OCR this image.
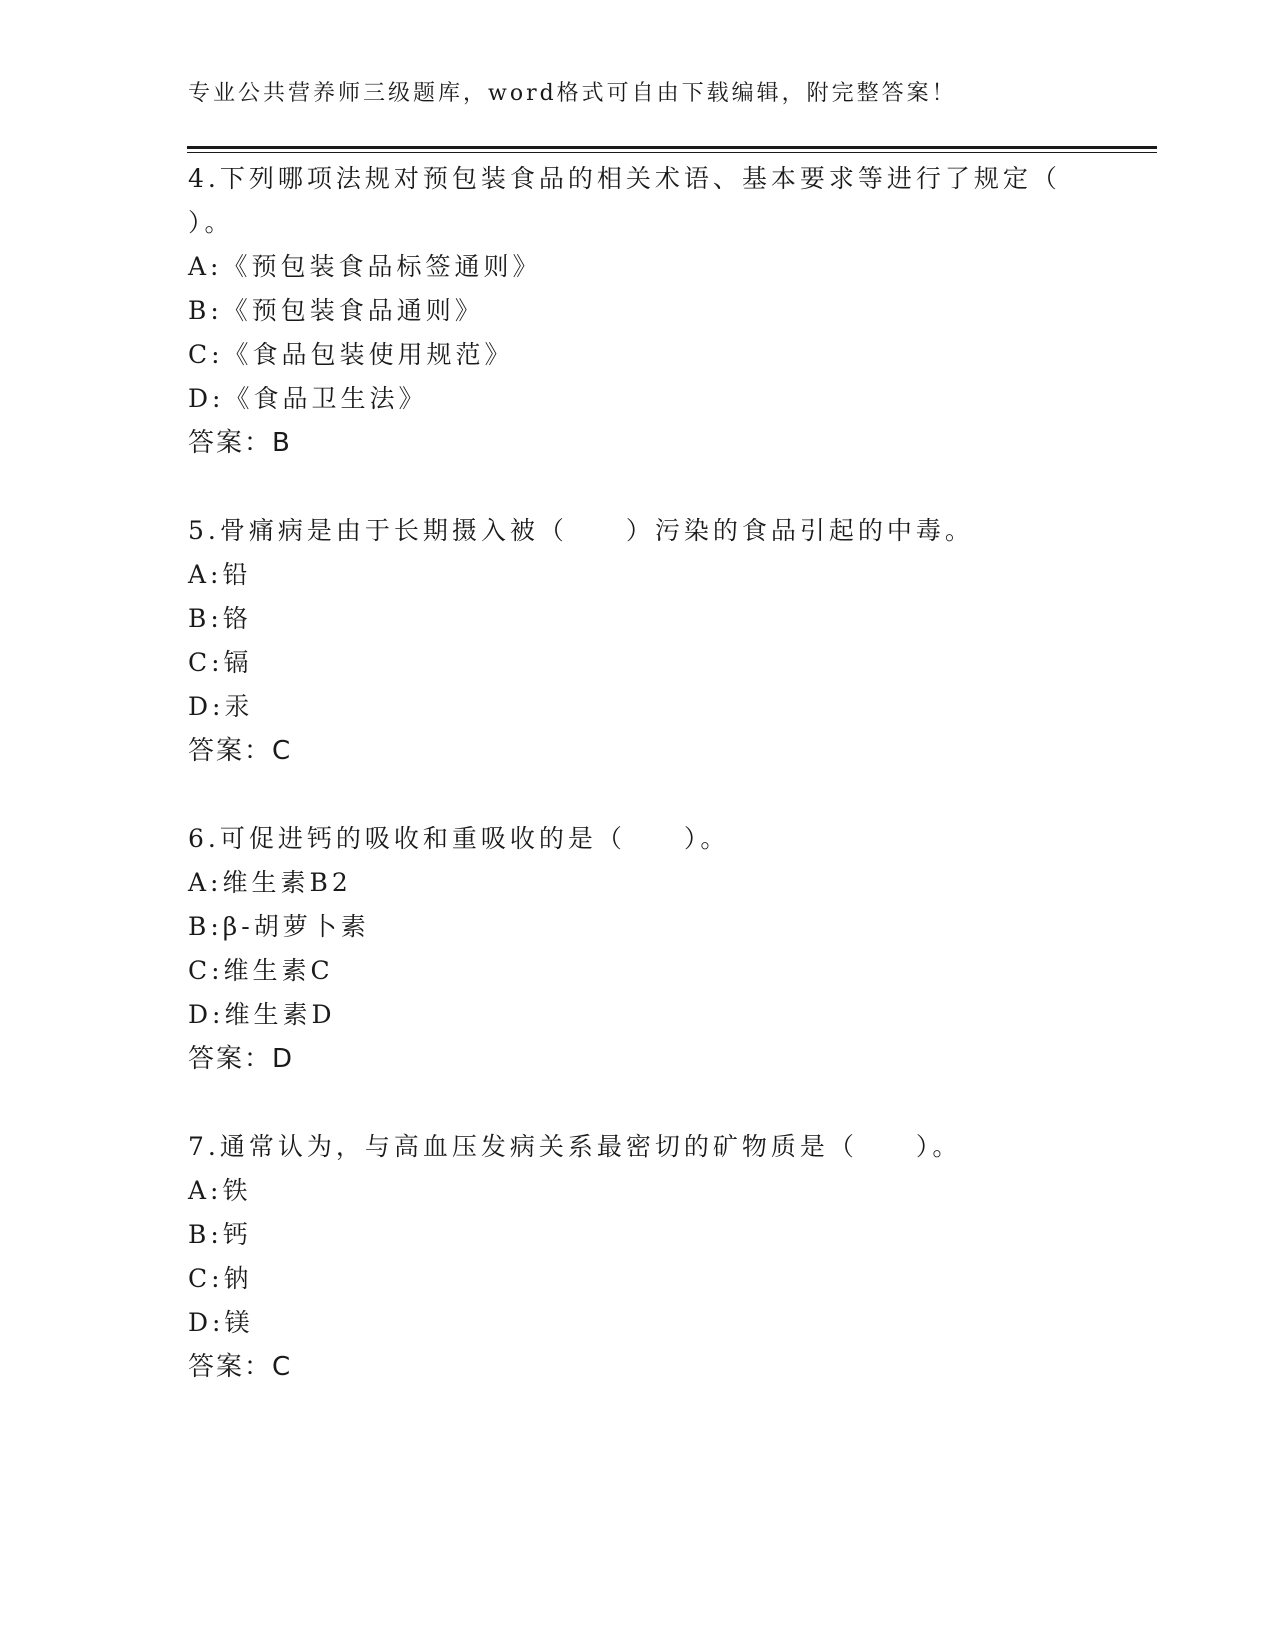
专业公共营养师三级题库，word格式可自由下载编辑，附完整答案！
4.下列哪项法规对预包装食品的相关术语、基本要求等进行了规定（
）。
A:《预包装食品标签通则》
B:《预包装食品通则》
C:《食品包装使用规范》
D:《食品卫生法》
答案：B
5.骨痛病是由于长期摄入被（　　）污染的食品引起的中毒。
A:铅
B:铬
C:镉
D:汞
答案：C
6.可促进钙的吸收和重吸收的是（　　）。
A:维生素B2
B:β-胡萝卜素
C:维生素C
D:维生素D
答案：D
7.通常认为，与高血压发病关系最密切的矿物质是（　　）。
A:铁
B:钙
C:钠
D:镁
答案：C
